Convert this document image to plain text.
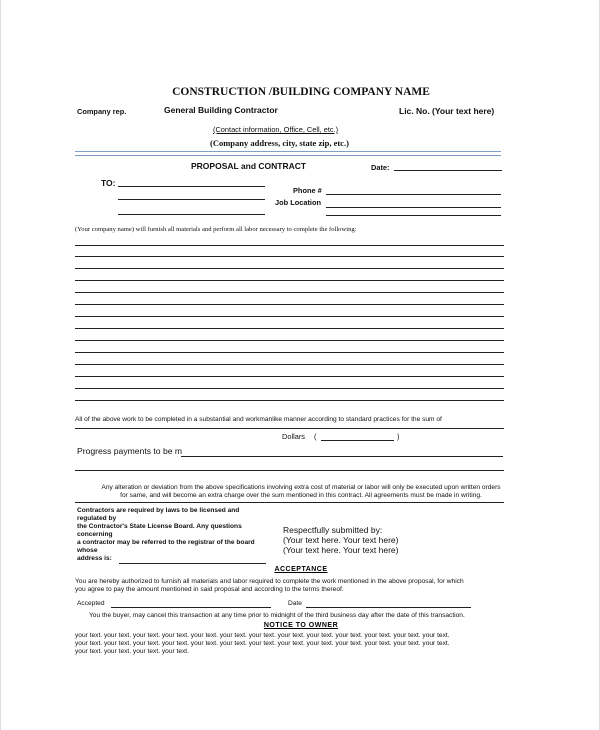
CONSTRUCTION /BUILDING COMPANY NAME
Company rep.	General Building Contractor	Lic. No. (Your text here)
(Contact information, Office, Cell, etc.)
(Company address, city, state zip, etc.)
PROPOSAL and CONTRACT	Date:
TO:
Phone #
Job Location
(Your company name) will furnish all materials and perform all labor necessary to complete the following:
All of the above work to be completed in a substantial and workmanlike manner according to standard practices for the sum of
Dollars (	)
Progress payments to be m
Any alteration or deviation from the above specifications involving extra cost of material or labor will only be executed upon written orders
for same, and will become an extra charge over the sum mentioned in this contract. All agreements must be made in writing.
Contractors are required by laws to be licensed and
regulated by
the Contractor's State License Board. Any questions
concerning
a contractor may be referred to the registrar of the board
whose
address is:
Respectfully submitted by:
(Your text here. Your text here)
(Your text here. Your text here)
ACCEPTANCE
You are hereby authorized to furnish all materials and labor required to complete the work mentioned in the above proposal, for which
you agree to pay the amount mentioned in said proposal and according to the terms thereof.
Accepted	Date
You the buyer, may cancel this transaction at any time prior to midnight of the third business day after the date of this transaction.
NOTICE TO OWNER
your text. your text. your text. your text. your text. your text. your text. your text. your text. your text. your text. your text. your text.
your text. your text. your text. your text. your text. your text. your text. your text. your text. your text. your text. your text. your text.
your text. your text. your text. your text.
